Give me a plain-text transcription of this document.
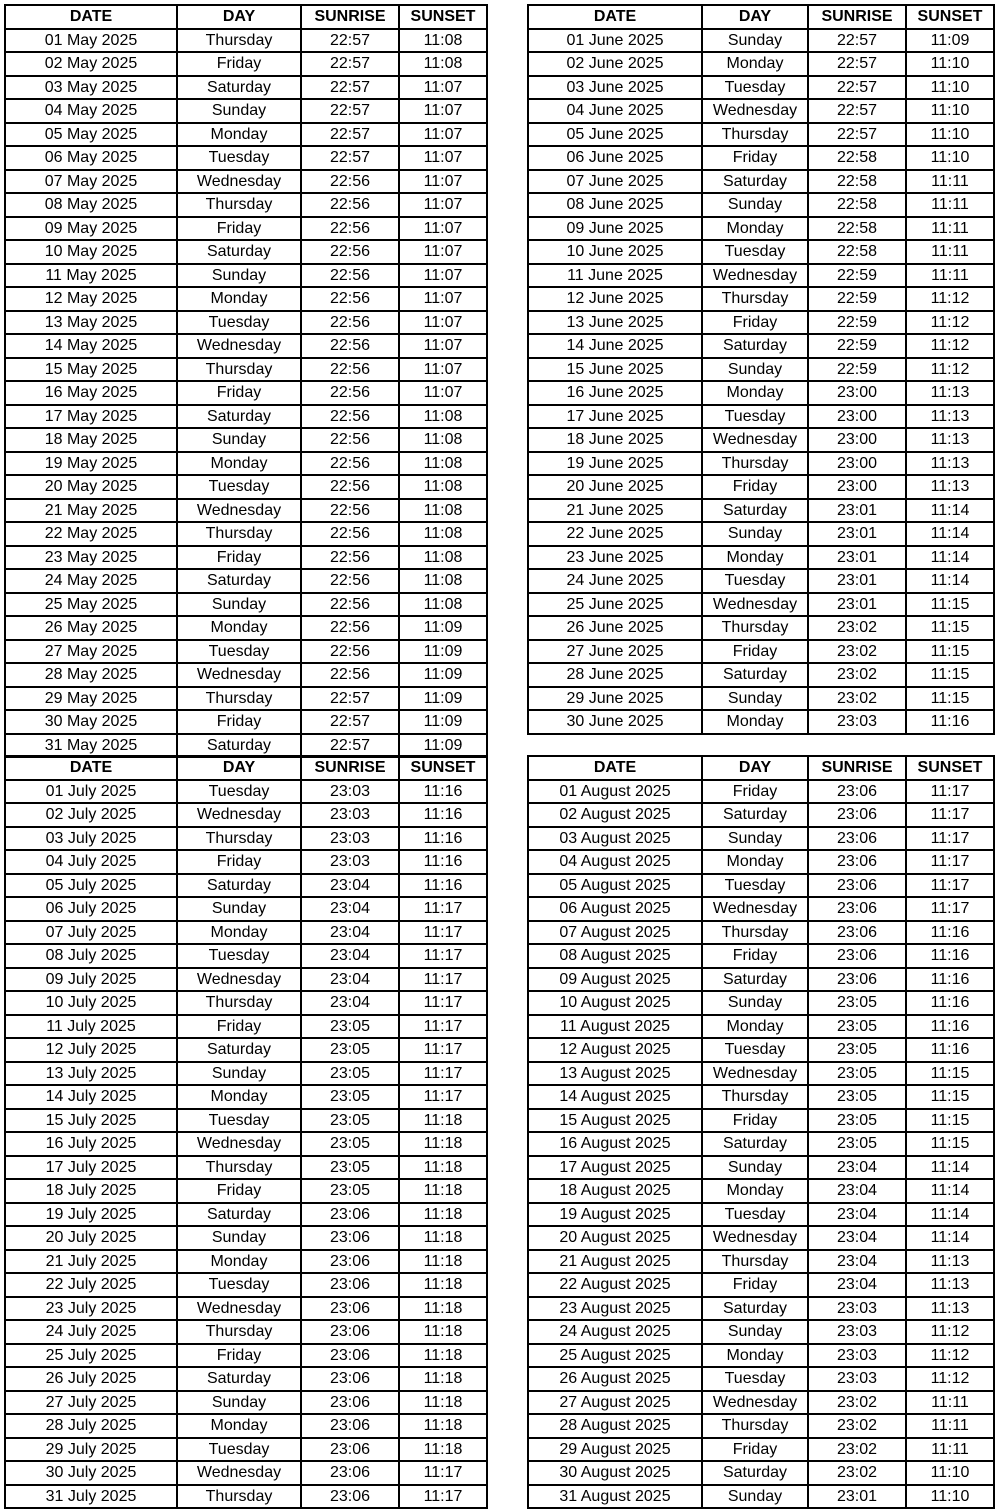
DATE	DAY	SUNRISE	SUNSET
01 May 2025	Thursday	22:57	11:08
02 May 2025	Friday	22:57	11:08
03 May 2025	Saturday	22:57	11:07
04 May 2025	Sunday	22:57	11:07
05 May 2025	Monday	22:57	11:07
06 May 2025	Tuesday	22:57	11:07
07 May 2025	Wednesday	22:56	11:07
08 May 2025	Thursday	22:56	11:07
09 May 2025	Friday	22:56	11:07
10 May 2025	Saturday	22:56	11:07
11 May 2025	Sunday	22:56	11:07
12 May 2025	Monday	22:56	11:07
13 May 2025	Tuesday	22:56	11:07
14 May 2025	Wednesday	22:56	11:07
15 May 2025	Thursday	22:56	11:07
16 May 2025	Friday	22:56	11:07
17 May 2025	Saturday	22:56	11:08
18 May 2025	Sunday	22:56	11:08
19 May 2025	Monday	22:56	11:08
20 May 2025	Tuesday	22:56	11:08
21 May 2025	Wednesday	22:56	11:08
22 May 2025	Thursday	22:56	11:08
23 May 2025	Friday	22:56	11:08
24 May 2025	Saturday	22:56	11:08
25 May 2025	Sunday	22:56	11:08
26 May 2025	Monday	22:56	11:09
27 May 2025	Tuesday	22:56	11:09
28 May 2025	Wednesday	22:56	11:09
29 May 2025	Thursday	22:57	11:09
30 May 2025	Friday	22:57	11:09
31 May 2025	Saturday	22:57	11:09
DATE	DAY	SUNRISE	SUNSET
01 June 2025	Sunday	22:57	11:09
02 June 2025	Monday	22:57	11:10
03 June 2025	Tuesday	22:57	11:10
04 June 2025	Wednesday	22:57	11:10
05 June 2025	Thursday	22:57	11:10
06 June 2025	Friday	22:58	11:10
07 June 2025	Saturday	22:58	11:11
08 June 2025	Sunday	22:58	11:11
09 June 2025	Monday	22:58	11:11
10 June 2025	Tuesday	22:58	11:11
11 June 2025	Wednesday	22:59	11:11
12 June 2025	Thursday	22:59	11:12
13 June 2025	Friday	22:59	11:12
14 June 2025	Saturday	22:59	11:12
15 June 2025	Sunday	22:59	11:12
16 June 2025	Monday	23:00	11:13
17 June 2025	Tuesday	23:00	11:13
18 June 2025	Wednesday	23:00	11:13
19 June 2025	Thursday	23:00	11:13
20 June 2025	Friday	23:00	11:13
21 June 2025	Saturday	23:01	11:14
22 June 2025	Sunday	23:01	11:14
23 June 2025	Monday	23:01	11:14
24 June 2025	Tuesday	23:01	11:14
25 June 2025	Wednesday	23:01	11:15
26 June 2025	Thursday	23:02	11:15
27 June 2025	Friday	23:02	11:15
28 June 2025	Saturday	23:02	11:15
29 June 2025	Sunday	23:02	11:15
30 June 2025	Monday	23:03	11:16
DATE	DAY	SUNRISE	SUNSET
01 July 2025	Tuesday	23:03	11:16
02 July 2025	Wednesday	23:03	11:16
03 July 2025	Thursday	23:03	11:16
04 July 2025	Friday	23:03	11:16
05 July 2025	Saturday	23:04	11:16
06 July 2025	Sunday	23:04	11:17
07 July 2025	Monday	23:04	11:17
08 July 2025	Tuesday	23:04	11:17
09 July 2025	Wednesday	23:04	11:17
10 July 2025	Thursday	23:04	11:17
11 July 2025	Friday	23:05	11:17
12 July 2025	Saturday	23:05	11:17
13 July 2025	Sunday	23:05	11:17
14 July 2025	Monday	23:05	11:17
15 July 2025	Tuesday	23:05	11:18
16 July 2025	Wednesday	23:05	11:18
17 July 2025	Thursday	23:05	11:18
18 July 2025	Friday	23:05	11:18
19 July 2025	Saturday	23:06	11:18
20 July 2025	Sunday	23:06	11:18
21 July 2025	Monday	23:06	11:18
22 July 2025	Tuesday	23:06	11:18
23 July 2025	Wednesday	23:06	11:18
24 July 2025	Thursday	23:06	11:18
25 July 2025	Friday	23:06	11:18
26 July 2025	Saturday	23:06	11:18
27 July 2025	Sunday	23:06	11:18
28 July 2025	Monday	23:06	11:18
29 July 2025	Tuesday	23:06	11:18
30 July 2025	Wednesday	23:06	11:17
31 July 2025	Thursday	23:06	11:17
DATE	DAY	SUNRISE	SUNSET
01 August 2025	Friday	23:06	11:17
02 August 2025	Saturday	23:06	11:17
03 August 2025	Sunday	23:06	11:17
04 August 2025	Monday	23:06	11:17
05 August 2025	Tuesday	23:06	11:17
06 August 2025	Wednesday	23:06	11:17
07 August 2025	Thursday	23:06	11:16
08 August 2025	Friday	23:06	11:16
09 August 2025	Saturday	23:06	11:16
10 August 2025	Sunday	23:05	11:16
11 August 2025	Monday	23:05	11:16
12 August 2025	Tuesday	23:05	11:16
13 August 2025	Wednesday	23:05	11:15
14 August 2025	Thursday	23:05	11:15
15 August 2025	Friday	23:05	11:15
16 August 2025	Saturday	23:05	11:15
17 August 2025	Sunday	23:04	11:14
18 August 2025	Monday	23:04	11:14
19 August 2025	Tuesday	23:04	11:14
20 August 2025	Wednesday	23:04	11:14
21 August 2025	Thursday	23:04	11:13
22 August 2025	Friday	23:04	11:13
23 August 2025	Saturday	23:03	11:13
24 August 2025	Sunday	23:03	11:12
25 August 2025	Monday	23:03	11:12
26 August 2025	Tuesday	23:03	11:12
27 August 2025	Wednesday	23:02	11:11
28 August 2025	Thursday	23:02	11:11
29 August 2025	Friday	23:02	11:11
30 August 2025	Saturday	23:02	11:10
31 August 2025	Sunday	23:01	11:10
